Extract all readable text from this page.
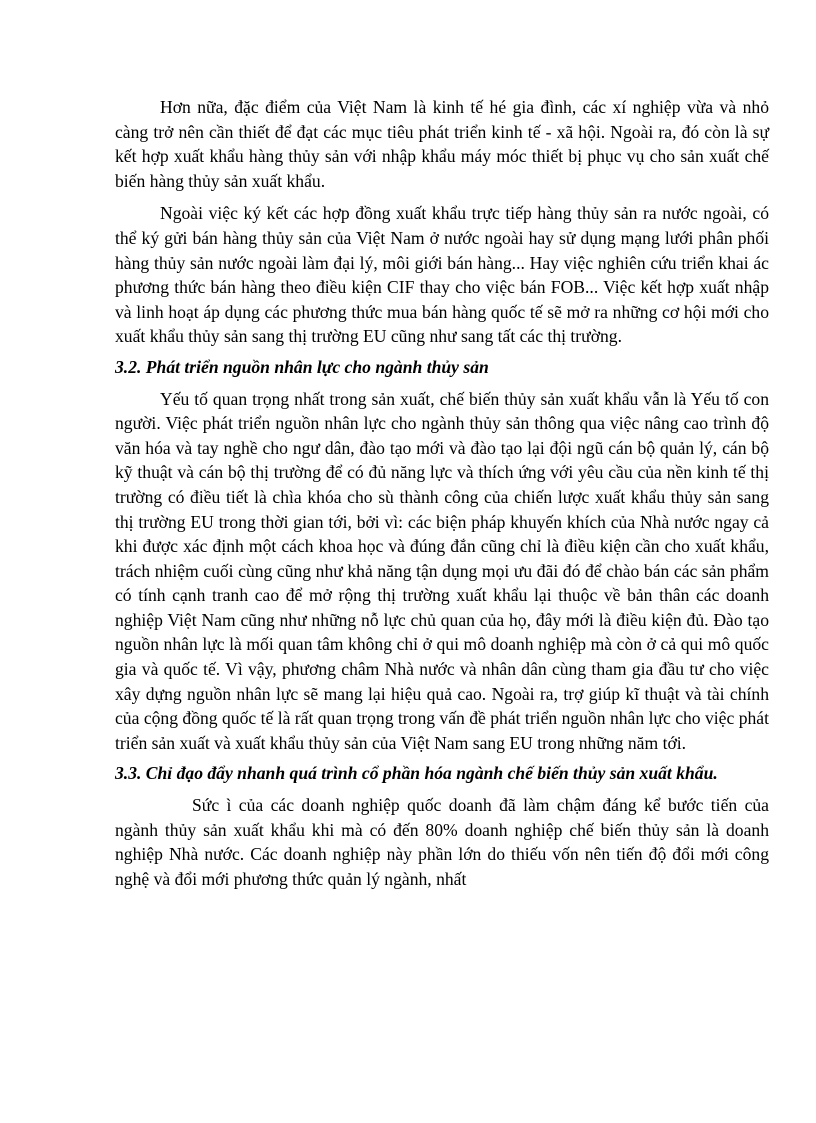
Hơn nữa, đặc điểm của Việt Nam là kinh tế hé gia đình, các xí nghiệp vừa và nhỏ càng trở nên cần thiết để đạt các mục tiêu phát triển kinh tế - xã hội. Ngoài ra, đó còn là sự kết hợp xuất khẩu hàng thủy sản với nhập khẩu máy móc thiết bị phục vụ cho sản xuất chế biến hàng thủy sản xuất khẩu.

Ngoài việc ký kết các hợp đồng xuất khẩu trực tiếp hàng thủy sản ra nước ngoài, có thể ký gửi bán hàng thủy sản của Việt Nam ở nước ngoài hay sử dụng mạng lưới phân phối hàng thủy sản nước ngoài làm đại lý, môi giới bán hàng... Hay việc nghiên cứu triển khai ác phương thức bán hàng theo điều kiện CIF thay cho việc bán FOB... Việc kết hợp xuất nhập và linh hoạt áp dụng các phương thức mua bán hàng quốc tế sẽ mở ra những cơ hội mới cho xuất khẩu thủy sản sang thị trường EU cũng như sang tất các thị trường.

3.2. Phát triển nguồn nhân lực cho ngành thủy sản

Yếu tố quan trọng nhất trong sản xuất, chế biến thủy sản xuất khẩu vẫn là Yếu tố con người. Việc phát triển nguồn nhân lực cho ngành thủy sản thông qua việc nâng cao trình độ văn hóa và tay nghề cho ngư dân, đào tạo mới và đào tạo lại đội ngũ cán bộ quản lý, cán bộ kỹ thuật và cán bộ thị trường để có đủ năng lực và thích ứng với yêu cầu của nền kinh tế thị trường có điều tiết là chìa khóa cho sù thành công của chiến lược xuất khẩu thủy sản sang thị trường EU trong thời gian tới, bởi vì: các biện pháp khuyến khích của Nhà nước ngay cả khi được xác định một cách khoa học và đúng đắn cũng chỉ là điều kiện cần cho xuất khẩu, trách nhiệm cuối cùng cũng như khả năng tận dụng mọi ưu đãi đó để chào bán các sản phẩm có tính cạnh tranh cao để mở rộng thị trường xuất khẩu lại thuộc về bản thân các doanh nghiệp Việt Nam cũng như những nỗ lực chủ quan của họ, đây mới là điều kiện đủ. Đào tạo nguồn nhân lực là mối quan tâm không chỉ ở qui mô doanh nghiệp mà còn ở cả qui mô quốc gia và quốc tế. Vì vậy, phương châm Nhà nước và nhân dân cùng tham gia đầu tư cho việc xây dựng nguồn nhân lực sẽ mang lại hiệu quả cao. Ngoài ra, trợ giúp kĩ thuật và tài chính của cộng đồng quốc tế là rất quan trọng trong vấn đề phát triển nguồn nhân lực cho việc phát triển sản xuất và xuất khẩu thủy sản của Việt Nam sang EU trong những năm tới.

3.3. Chỉ đạo đẩy nhanh quá trình cổ phần hóa ngành chế biến thủy sản xuất khẩu.

Sức ì của các doanh nghiệp quốc doanh đã làm chậm đáng kể bước tiến của ngành thủy sản xuất khẩu khi mà có đến 80% doanh nghiệp chế biến thủy sản là doanh nghiệp Nhà nước. Các doanh nghiệp này phần lớn do thiếu vốn nên tiến độ đổi mới công nghệ và đổi mới phương thức quản lý ngành, nhất
